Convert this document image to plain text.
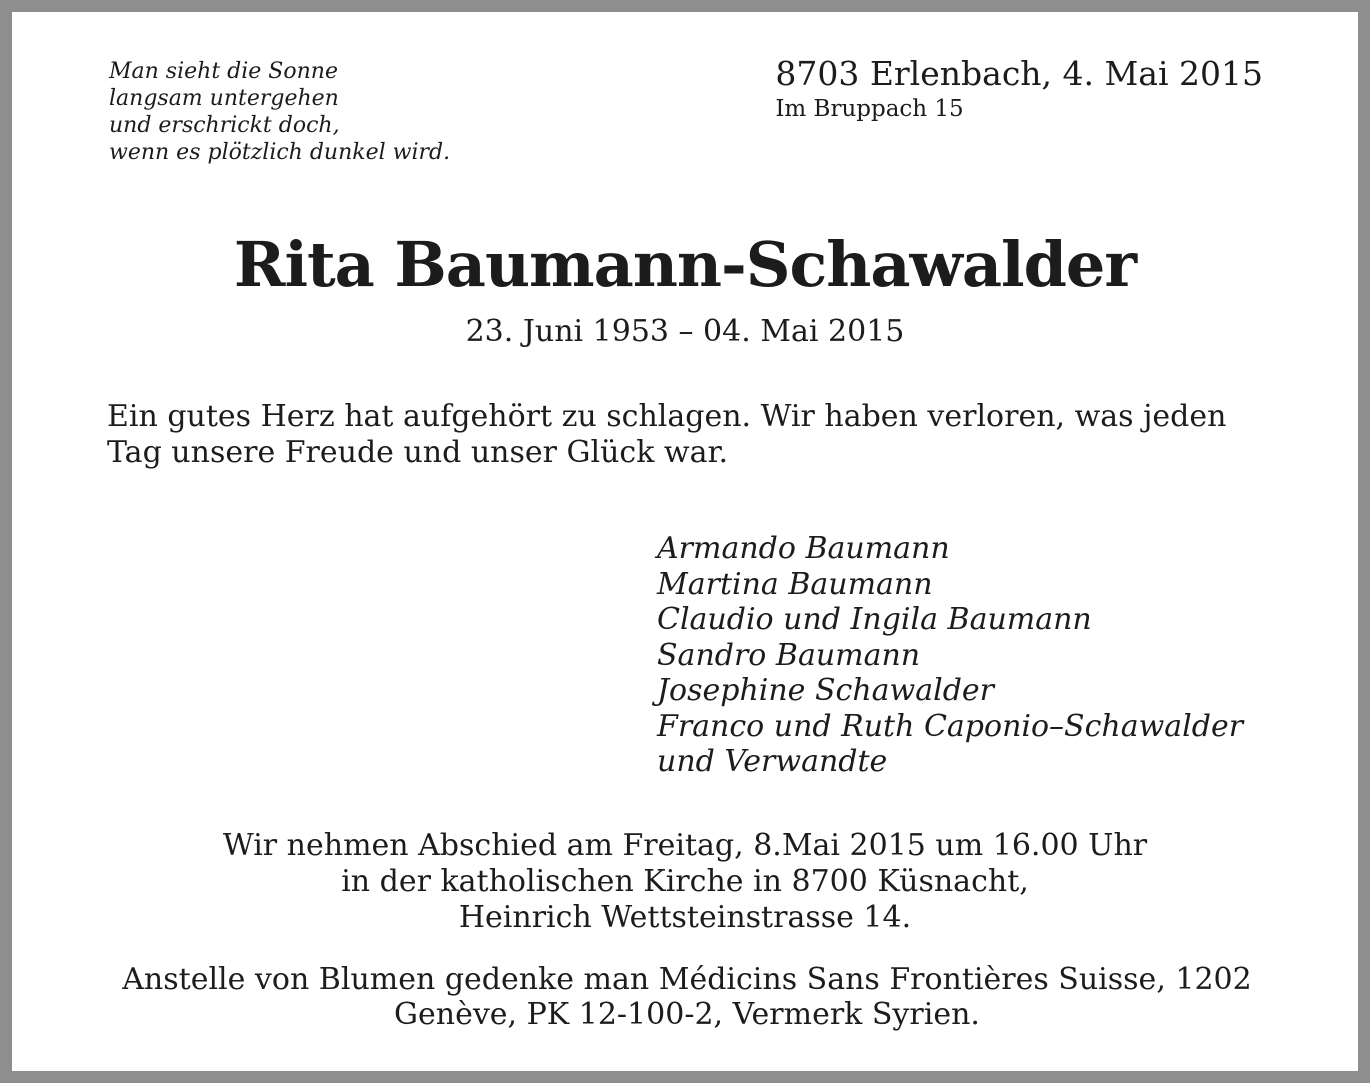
Man sieht die Sonne
langsam untergehen
und erschrickt doch,
wenn es plötzlich dunkel wird.
8703 Erlenbach, 4. Mai 2015
Im Bruppach 15
Rita Baumann-Schawalder
23. Juni 1953 – 04. Mai 2015

Ein gutes Herz hat aufgehört zu schlagen. Wir haben verloren, was jeden Tag unsere Freude und unser Glück war.

Armando Baumann
Martina Baumann
Claudio und Ingila Baumann
Sandro Baumann
Josephine Schawalder
Franco und Ruth Caponio–Schawalder
und Verwandte
Wir nehmen Abschied am Freitag, 8.Mai 2015 um 16.00 Uhr
in der katholischen Kirche in 8700 Küsnacht,
Heinrich Wettsteinstrasse 14.

Anstelle von Blumen gedenke man Médicins Sans Frontières Suisse, 1202 Genève, PK 12-100-2, Vermerk Syrien.
